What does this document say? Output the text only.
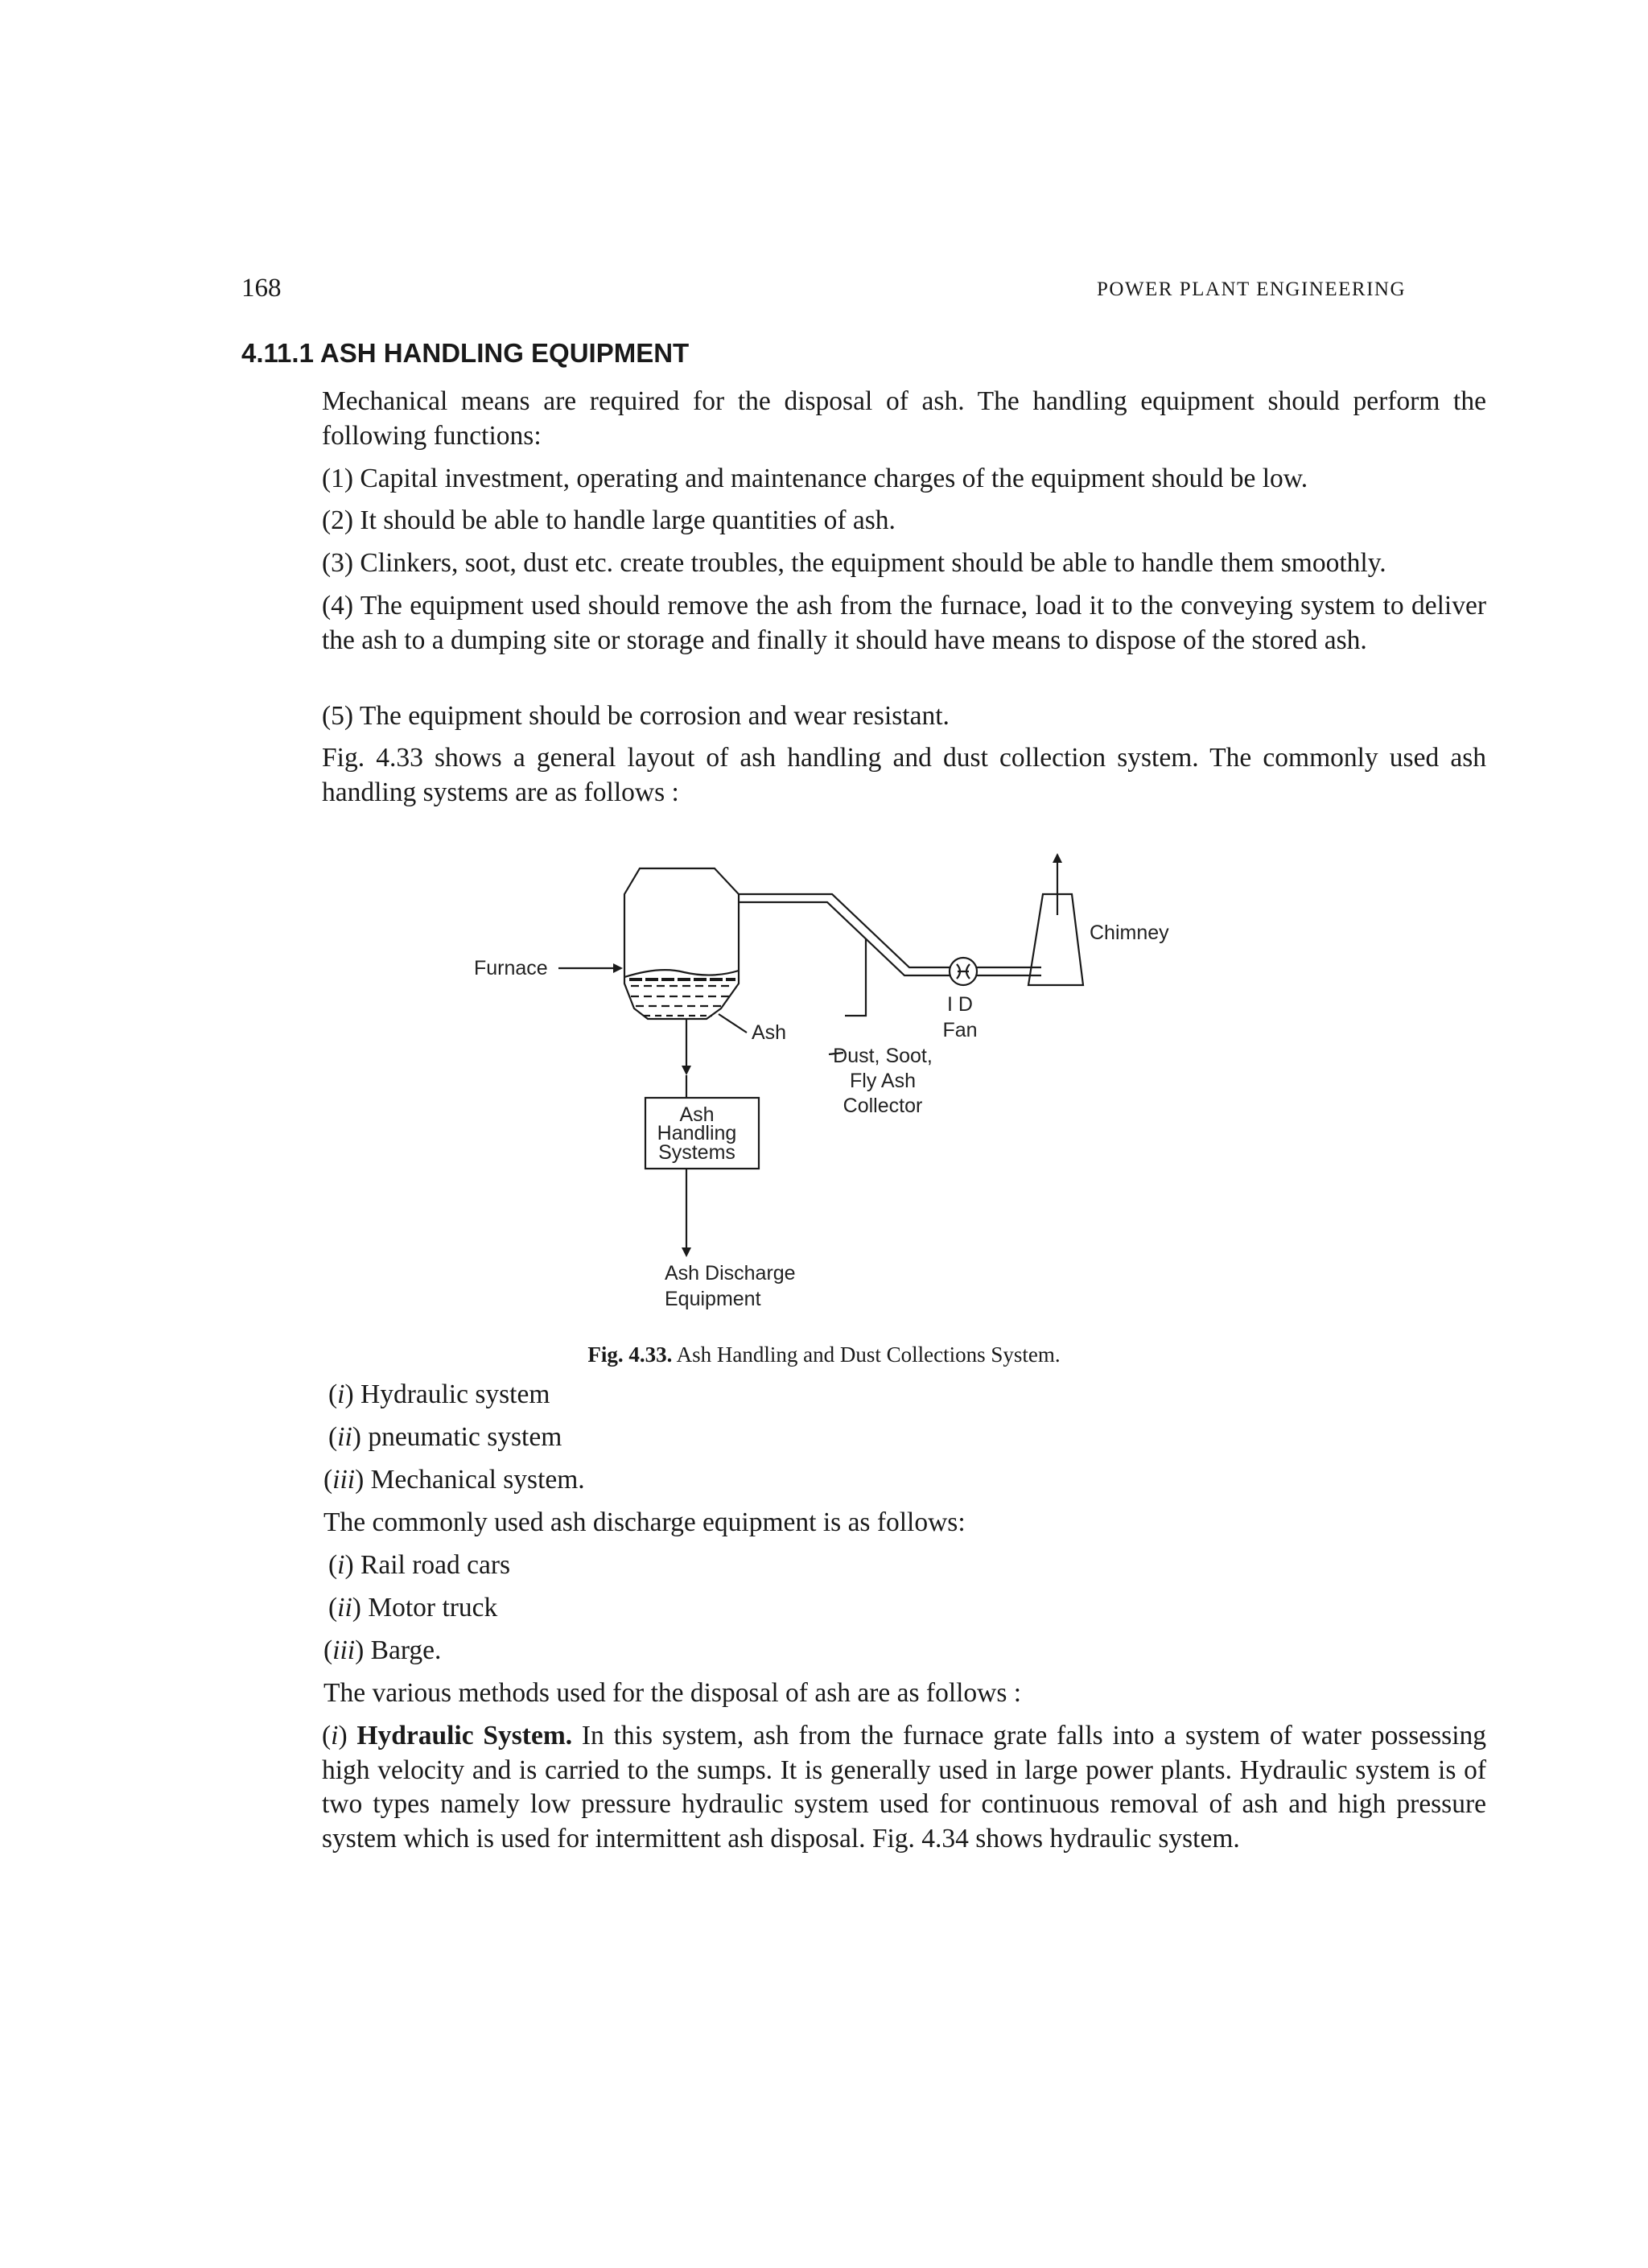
168	POWER PLANT ENGINEERING
4.11.1 ASH HANDLING EQUIPMENT
Mechanical means are required for the disposal of ash. The handling equipment should perform the following functions:
(1) Capital investment, operating and maintenance charges of the equipment should be low.
(2) It should be able to handle large quantities of ash.
(3) Clinkers, soot, dust etc. create troubles, the equipment should be able to handle them smoothly.
(4) The equipment used should remove the ash from the furnace, load it to the conveying system to deliver the ash to a dumping site or storage and finally it should have means to dispose of the stored ash.
(5) The equipment should be corrosion and wear resistant.
Fig. 4.33 shows a general layout of ash handling and dust collection system. The commonly used ash handling systems are as follows :
Furnace
Ash
Ash
Handling
Systems
Dust, Soot,
Fly Ash
Collector
I D
Fan
Chimney
Ash Discharge
Equipment
Fig. 4.33. Ash Handling and Dust Collections System.
(i) Hydraulic system
(ii) pneumatic system
(iii) Mechanical system.
The commonly used ash discharge equipment is as follows:
(i) Rail road cars
(ii) Motor truck
(iii) Barge.
The various methods used for the disposal of ash are as follows :
(i) Hydraulic System. In this system, ash from the furnace grate falls into a system of water possessing high velocity and is carried to the sumps. It is generally used in large power plants. Hydraulic system is of two types namely low pressure hydraulic system used for continuous removal of ash and high pressure system which is used for intermittent ash disposal. Fig. 4.34 shows hydraulic system.
